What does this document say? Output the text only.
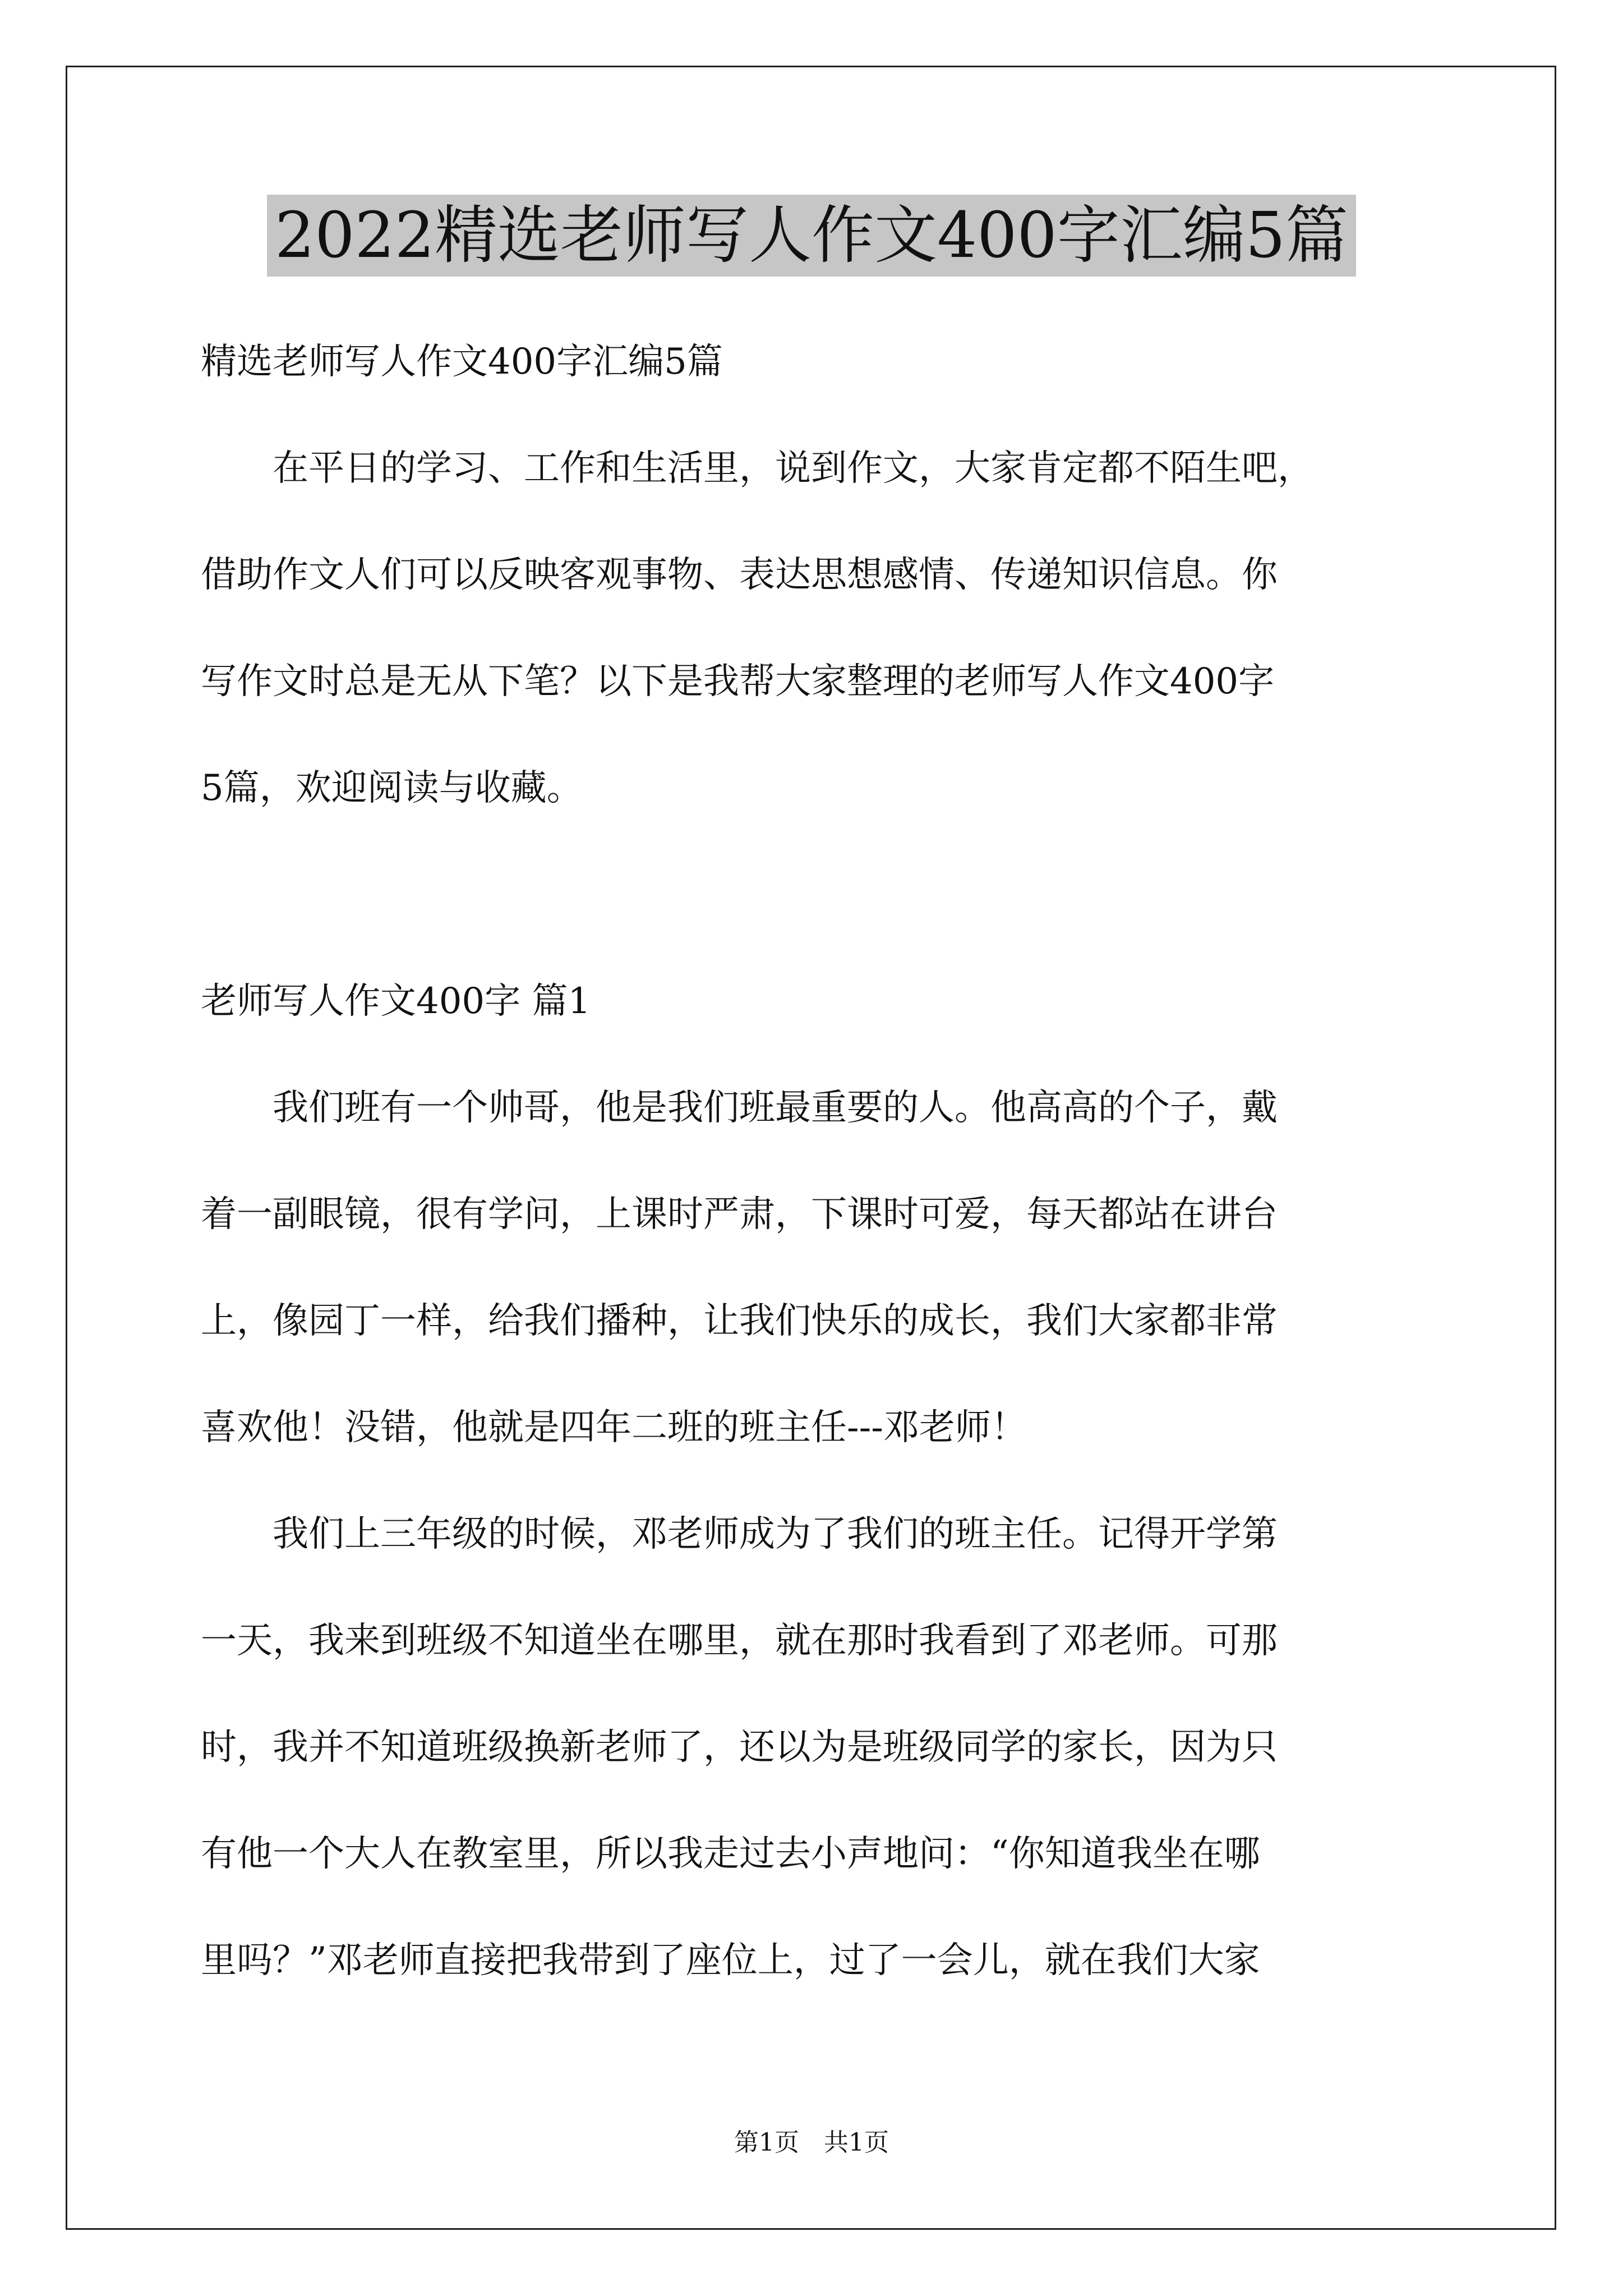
2022精选老师写人作文400字汇编5篇
精选老师写人作文400字汇编5篇
　　在平日的学习、工作和生活里，说到作文，大家肯定都不陌生吧，
借助作文人们可以反映客观事物、表达思想感情、传递知识信息。你
写作文时总是无从下笔？以下是我帮大家整理的老师写人作文400字
5篇，欢迎阅读与收藏。
老师写人作文400字 篇1
　　我们班有一个帅哥，他是我们班最重要的人。他高高的个子，戴
着一副眼镜，很有学问，上课时严肃，下课时可爱，每天都站在讲台
上，像园丁一样，给我们播种，让我们快乐的成长，我们大家都非常
喜欢他！没错，他就是四年二班的班主任---邓老师！
　　我们上三年级的时候，邓老师成为了我们的班主任。记得开学第
一天，我来到班级不知道坐在哪里，就在那时我看到了邓老师。可那
时，我并不知道班级换新老师了，还以为是班级同学的家长，因为只
有他一个大人在教室里，所以我走过去小声地问：“你知道我坐在哪
里吗？”邓老师直接把我带到了座位上，过了一会儿，就在我们大家
第1页　共1页
